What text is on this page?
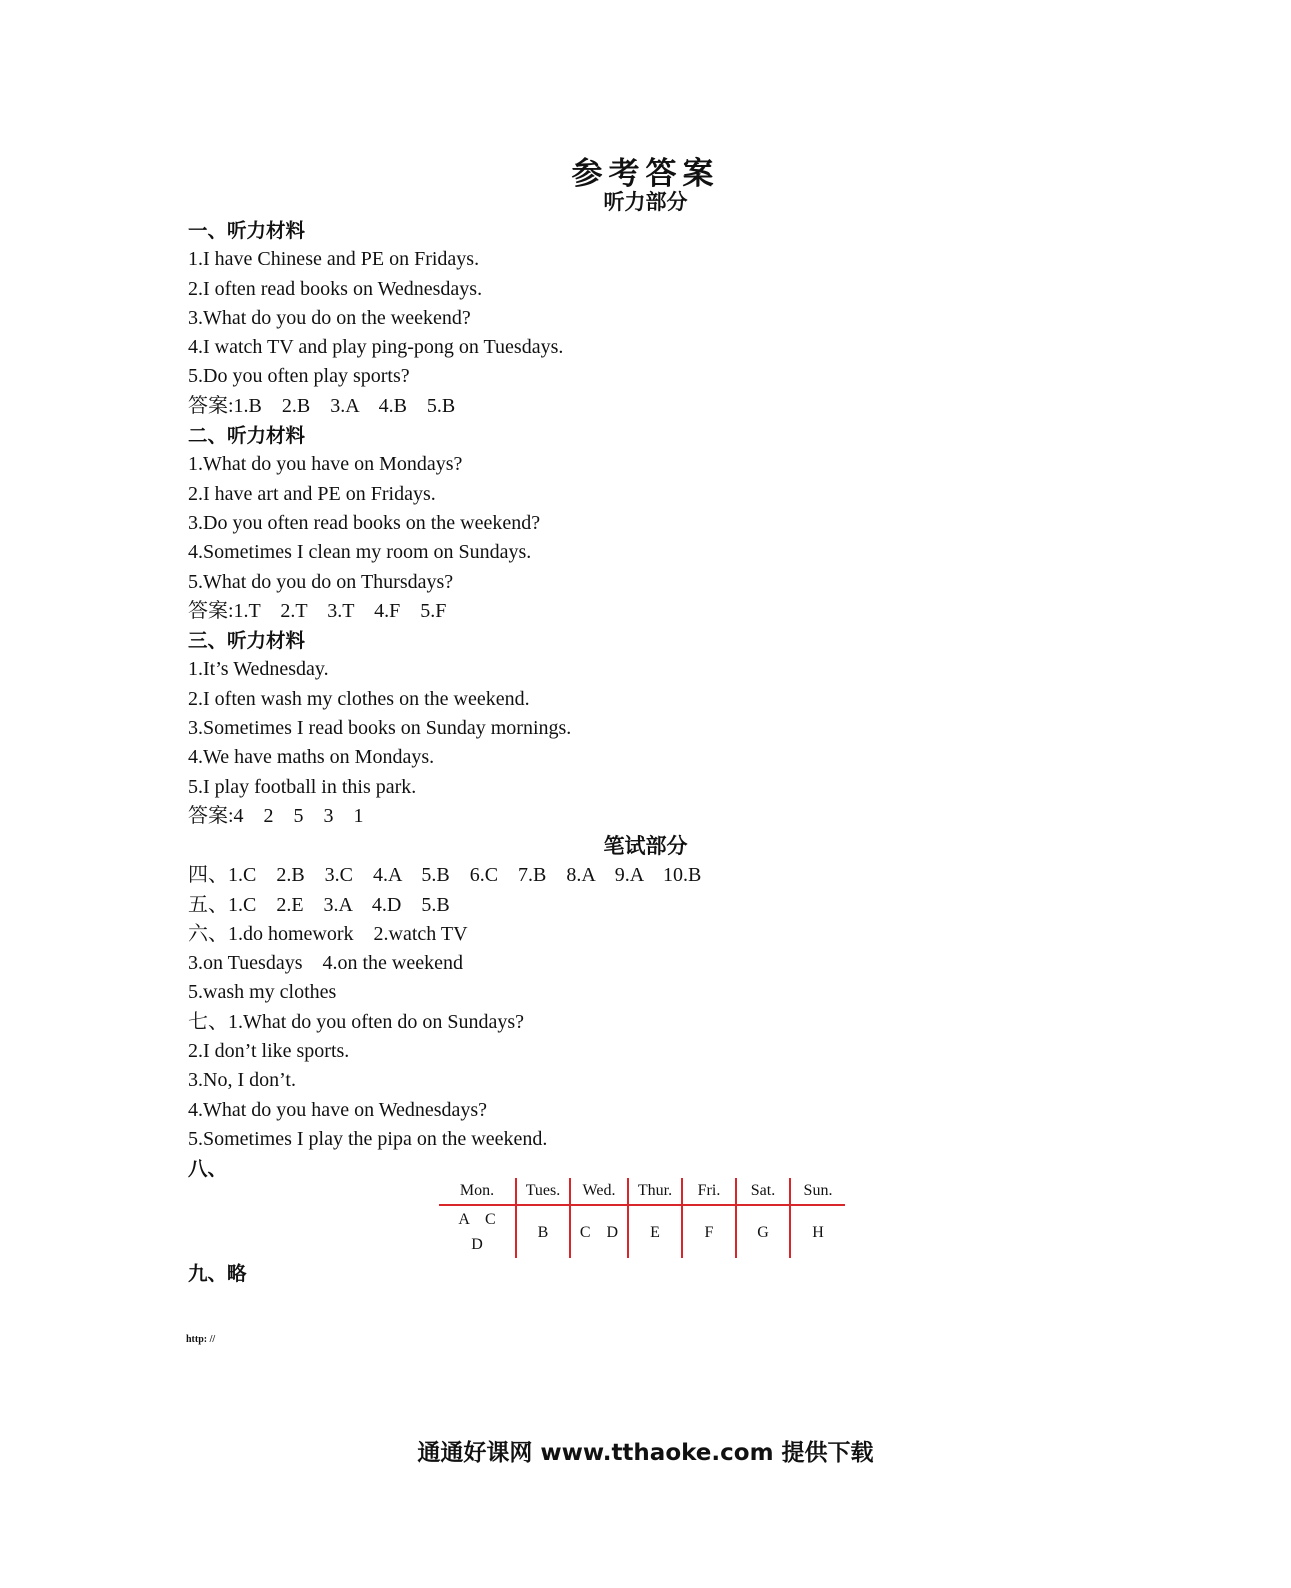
参考答案
听力部分
一、听力材料
1.I have Chinese and PE on Fridays.
2.I often read books on Wednesdays.
3.What do you do on the weekend?
4.I watch TV and play ping-pong on Tuesdays.
5.Do you often play sports?
答案:1.B    2.B    3.A    4.B    5.B
二、听力材料
1.What do you have on Mondays?
2.I have art and PE on Fridays.
3.Do you often read books on the weekend?
4.Sometimes I clean my room on Sundays.
5.What do you do on Thursdays?
答案:1.T    2.T    3.T    4.F    5.F
三、听力材料
1.It’s Wednesday.
2.I often wash my clothes on the weekend.
3.Sometimes I read books on Sunday mornings.
4.We have maths on Mondays.
5.I play football in this park.
答案:4    2    5    3    1
四、1.C    2.B    3.C    4.A    5.B    6.C    7.B    8.A    9.A    10.B
五、1.C    2.E    3.A    4.D    5.B
六、1.do homework    2.watch TV
3.on Tuesdays    4.on the weekend
5.wash my clothes
七、1.What do you often do on Sundays?
2.I don’t like sports.
3.No, I don’t.
4.What do you have on Wednesdays?
5.Sometimes I play the pipa on the weekend.
八、
笔试部分
Mon.	Tues.	Wed.	Thur.	Fri.	Sat.	Sun.

A    C
D	B	C    D	E	F	G	H
九、略
http: //
通通好课网 www.tthaoke.com 提供下载
